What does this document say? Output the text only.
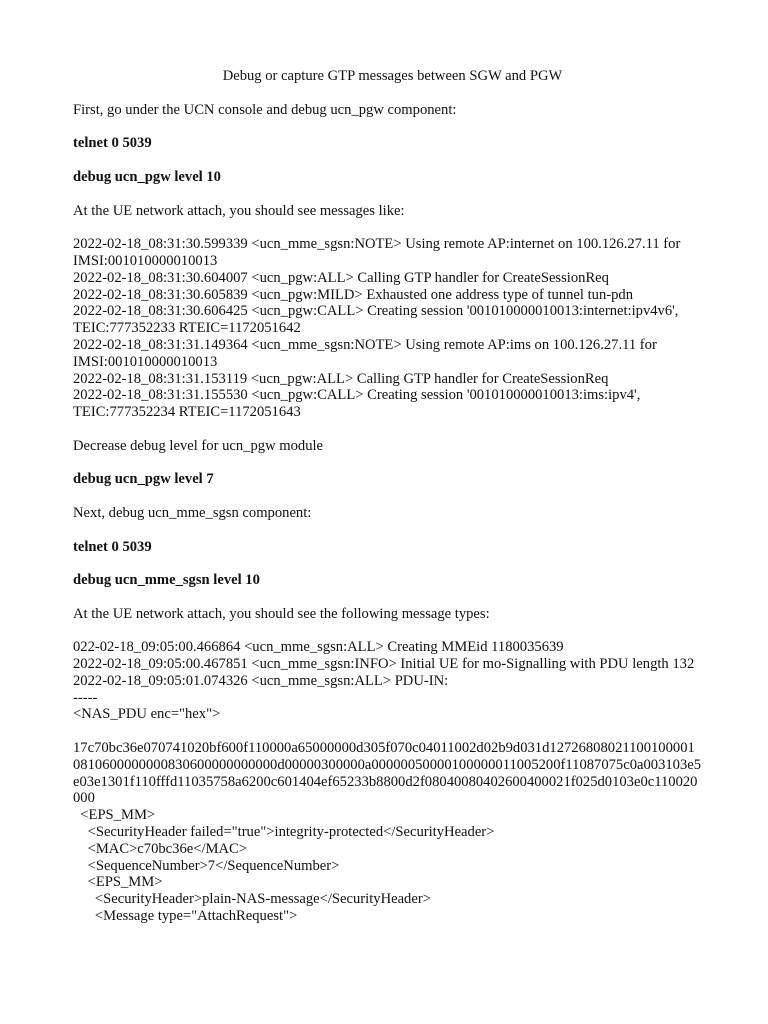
Debug or capture GTP messages between SGW and PGW

First, go under the UCN console and debug ucn_pgw component:

telnet 0 5039

debug ucn_pgw level 10

At the UE network attach, you should see messages like:

2022-02-18_08:31:30.599339 <ucn_mme_sgsn:NOTE> Using remote AP:internet on 100.126.27.11 for IMSI:001010000010013
2022-02-18_08:31:30.604007 <ucn_pgw:ALL> Calling GTP handler for CreateSessionReq
2022-02-18_08:31:30.605839 <ucn_pgw:MILD> Exhausted one address type of tunnel tun-pdn
2022-02-18_08:31:30.606425 <ucn_pgw:CALL> Creating session '001010000010013:internet:ipv4v6', TEIC:777352233 RTEIC=1172051642
2022-02-18_08:31:31.149364 <ucn_mme_sgsn:NOTE> Using remote AP:ims on 100.126.27.11 for IMSI:001010000010013
2022-02-18_08:31:31.153119 <ucn_pgw:ALL> Calling GTP handler for CreateSessionReq
2022-02-18_08:31:31.155530 <ucn_pgw:CALL> Creating session '001010000010013:ims:ipv4', TEIC:777352234 RTEIC=1172051643

Decrease debug level for ucn_pgw module

debug ucn_pgw level 7

Next, debug ucn_mme_sgsn component:

telnet 0 5039

debug ucn_mme_sgsn level 10

At the UE network attach, you should see the following message types:

022-02-18_09:05:00.466864 <ucn_mme_sgsn:ALL> Creating MMEid 1180035639
2022-02-18_09:05:00.467851 <ucn_mme_sgsn:INFO> Initial UE for mo-Signalling with PDU length 132
2022-02-18_09:05:01.074326 <ucn_mme_sgsn:ALL> PDU-IN:
-----
<NAS_PDU enc="hex">
17c70bc36e070741020bf600f110000a65000000d305f070c04011002d02b9d031d127268080211001000010810600000000830600000000000d00000300000a00000050000100000011005200f11087075c0a003103e5e03e1301f110fffd11035758a6200c601404ef65233b8800d2f08040080402600400021f025d0103e0c110020000
<EPS_MM>
<SecurityHeader failed="true">integrity-protected</SecurityHeader>
<MAC>c70bc36e</MAC>
<SequenceNumber>7</SequenceNumber>
<EPS_MM>
<SecurityHeader>plain-NAS-message</SecurityHeader>
<Message type="AttachRequest">
